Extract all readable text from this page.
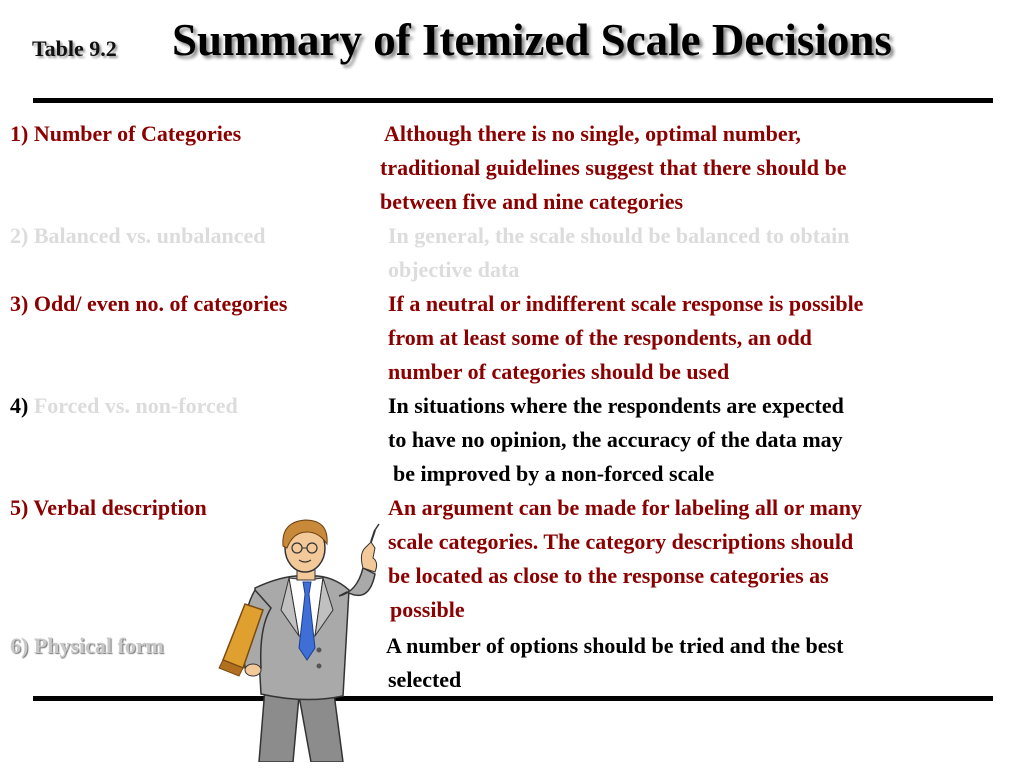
Table 9.2 Summary of Itemized Scale Decisions
1) Number of Categories	Although there is no single, optimal number,
traditional guidelines suggest that there should be
between five and nine categories
2) Balanced vs. unbalanced	In general, the scale should be balanced to obtain
objective data
3) Odd/ even no. of categories	If a neutral or indifferent scale response is possible
from at least some of the respondents, an odd
number of categories should be used
4) Forced vs. non-forced	In situations where the respondents are expected
to have no opinion, the accuracy of the data may
be improved by a non-forced scale
5) Verbal description	An argument can be made for labeling all or many
scale categories. The category descriptions should
be located as close to the response categories as
possible
6) Physical form	A number of options should be tried and the best
selected
